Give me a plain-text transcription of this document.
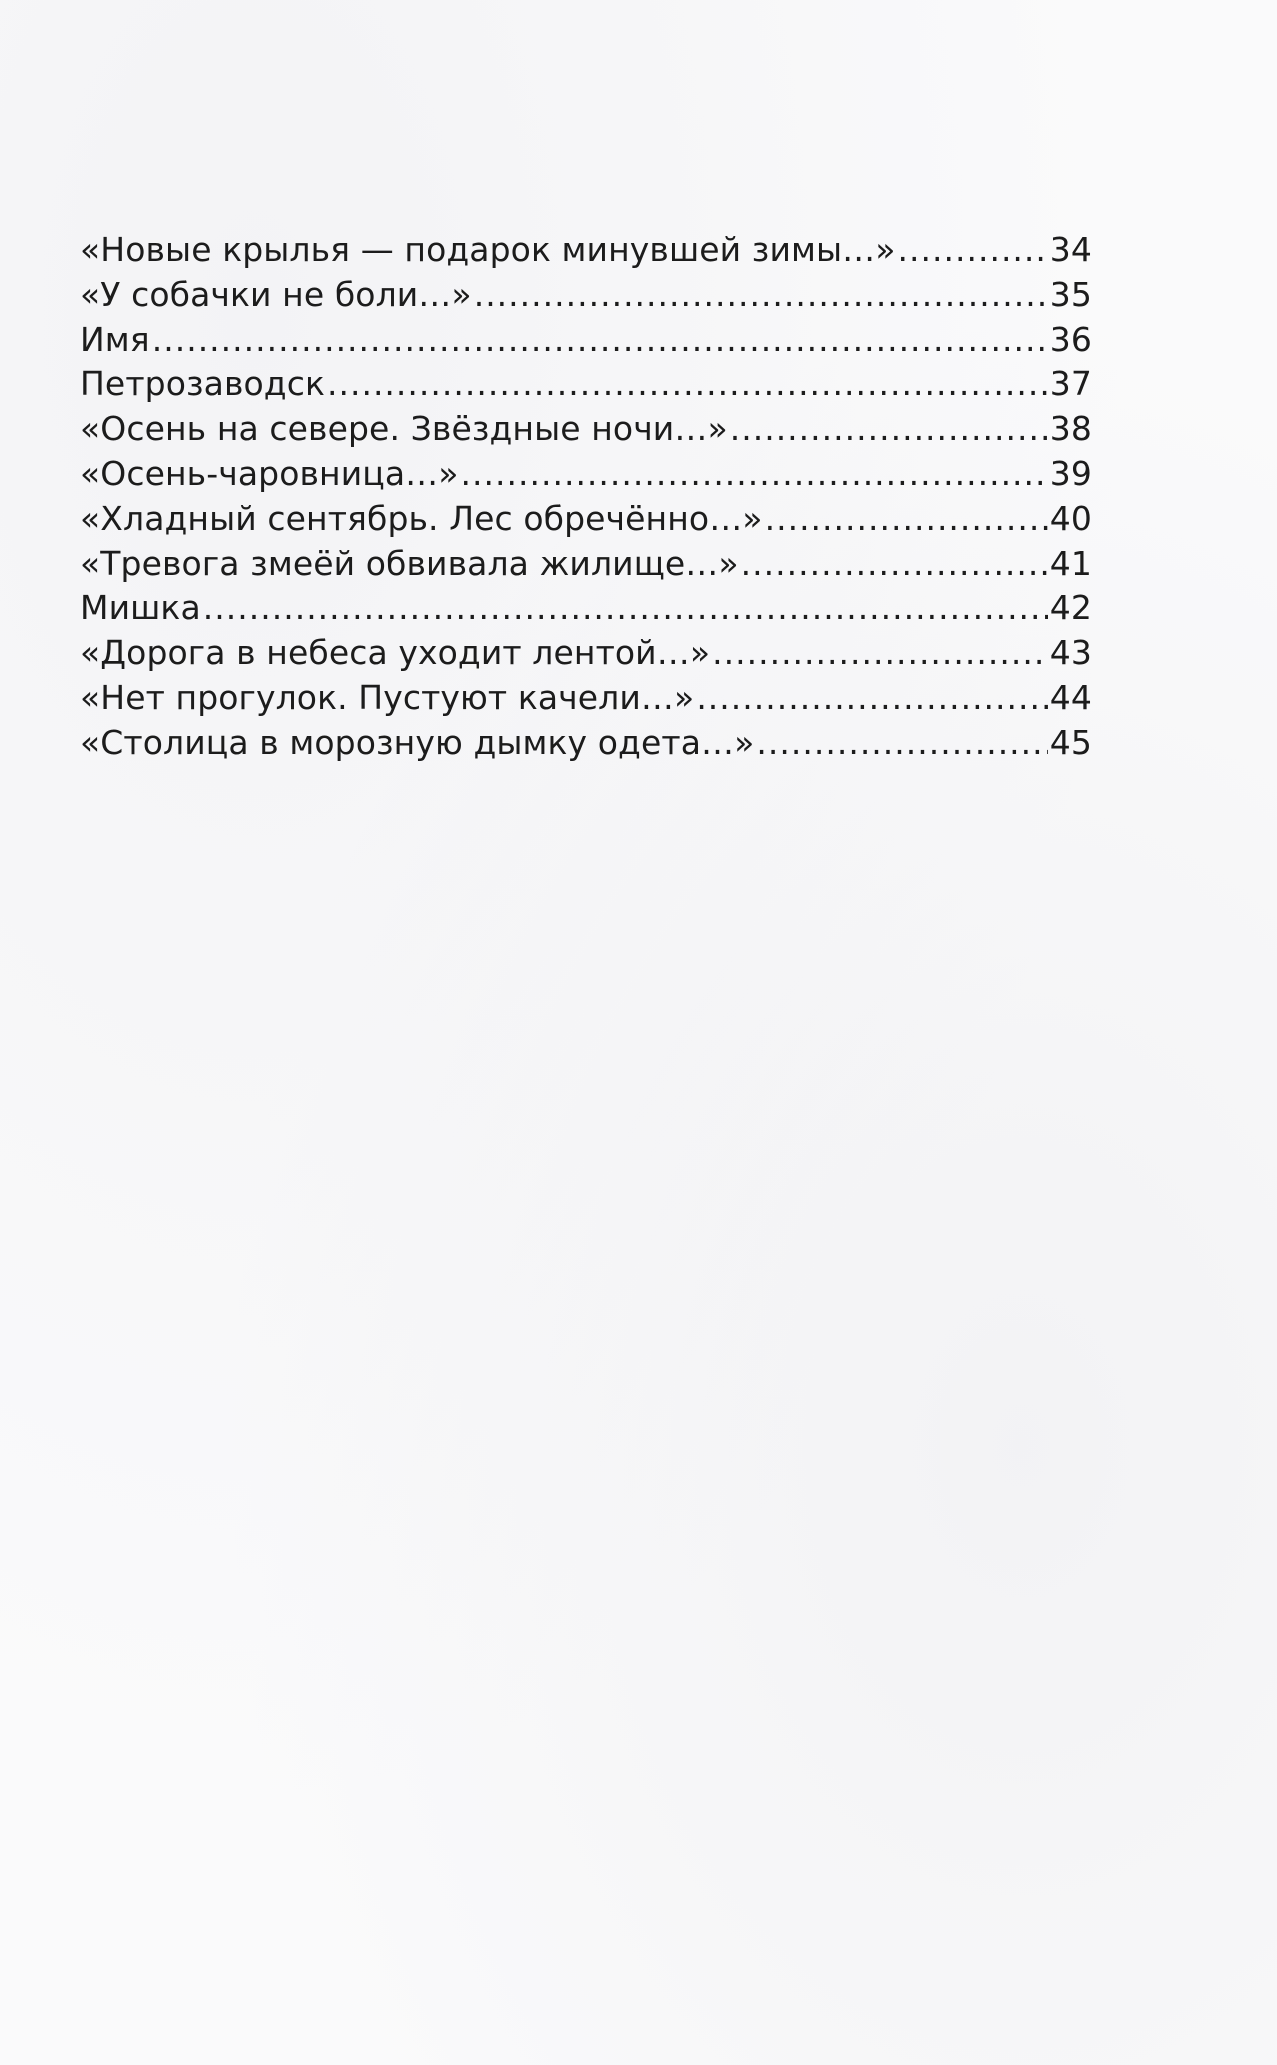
«Новые крылья — подарок минувшей зимы…» .....	34
«У собачки не боли…» .....	35
Имя .....	36
Петрозаводск .....	37
«Осень на севере. Звёздные ночи…» .....	38
«Осень-чаровница…» .....	39
«Хладный сентябрь. Лес обречённо…» .....	40
«Тревога змеёй обвивала жилище…» .....	41
Мишка .....	42
«Дорога в небеса уходит лентой…» .....	43
«Нет прогулок. Пустуют качели…» .....	44
«Столица в морозную дымку одета…» .....	45
